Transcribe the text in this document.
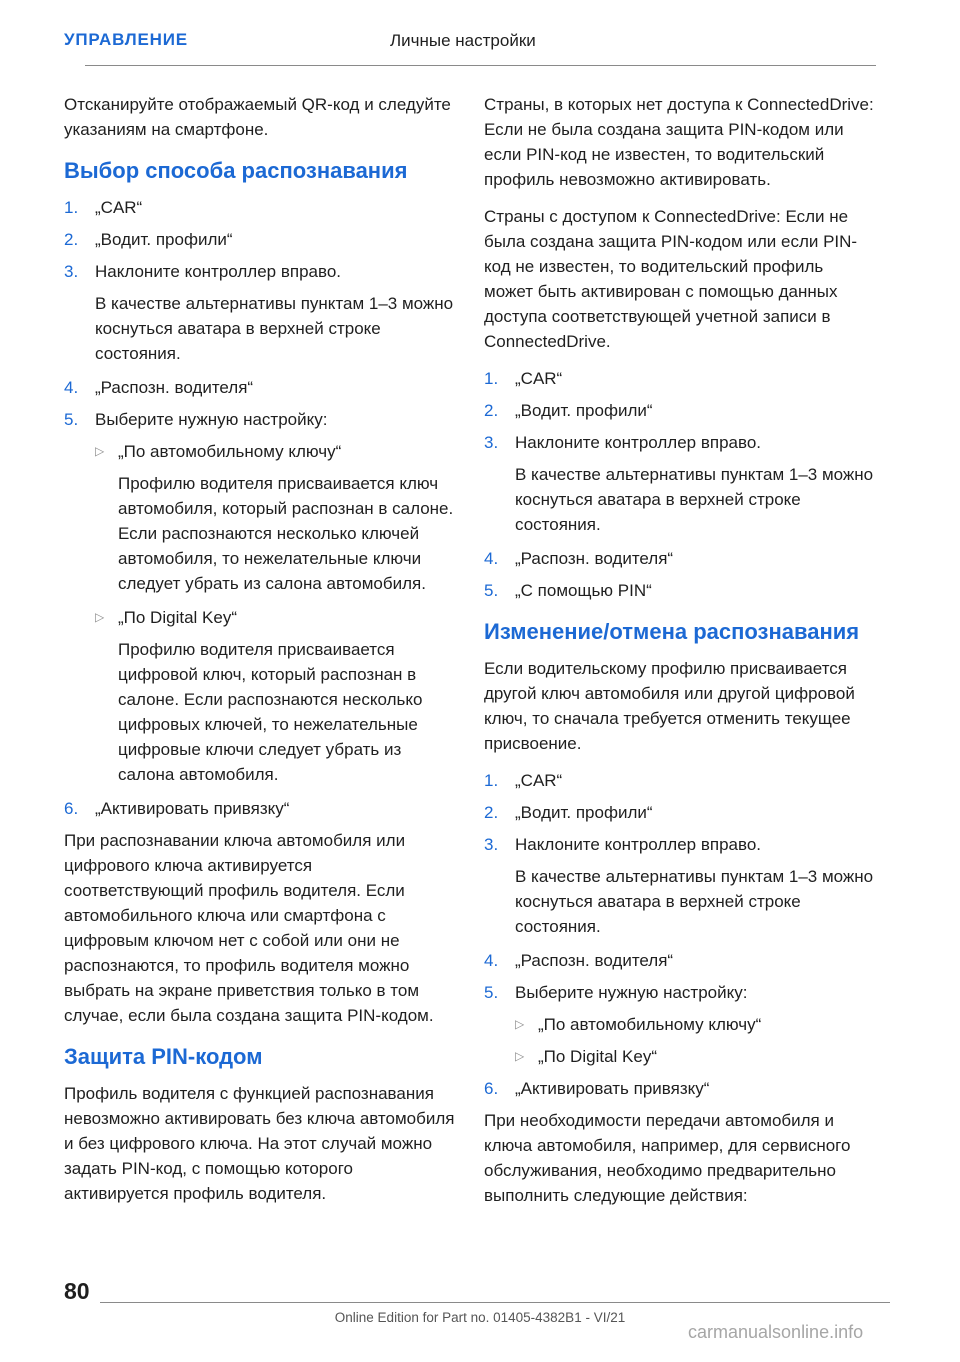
УПРАВЛЕНИЕ	Личные настройки
Отсканируйте отображаемый QR-код и следуйте указаниям на смартфоне.
Выбор способа распознавания
1. „CAR“
2. „Водит. профили“
3. Наклоните контроллер вправо.
В качестве альтернативы пунктам 1–3 можно коснуться аватара в верхней строке состояния.
4. „Распозн. водителя“
5. Выберите нужную настройку:
▷ „По автомобильному ключу“
Профилю водителя присваивается ключ автомобиля, который распознан в салоне. Если распознаются несколько ключей автомобиля, то нежелательные ключи следует убрать из салона автомобиля.
▷ „По Digital Key“
Профилю водителя присваивается цифровой ключ, который распознан в салоне. Если распознаются несколько цифровых ключей, то нежелательные цифровые ключи следует убрать из салона автомобиля.
6. „Активировать привязку“
При распознавании ключа автомобиля или цифрового ключа активируется соответствующий профиль водителя. Если автомобильного ключа или смартфона с цифровым ключом нет с собой или они не распознаются, то профиль водителя можно выбрать на экране приветствия только в том случае, если была создана защита PIN-кодом.
Защита PIN-кодом
Профиль водителя с функцией распознавания невозможно активировать без ключа автомобиля и без цифрового ключа. На этот случай можно задать PIN-код, с помощью которого активируется профиль водителя.
Страны, в которых нет доступа к ConnectedDrive: Если не была создана защита PIN-кодом или если PIN-код не известен, то водительский профиль невозможно активировать.
Страны с доступом к ConnectedDrive: Если не была создана защита PIN-кодом или если PIN-код не известен, то водительский профиль может быть активирован с помощью данных доступа соответствующей учетной записи в ConnectedDrive.
1. „CAR“
2. „Водит. профили“
3. Наклоните контроллер вправо.
В качестве альтернативы пунктам 1–3 можно коснуться аватара в верхней строке состояния.
4. „Распозн. водителя“
5. „С помощью PIN“
Изменение/отмена распознавания
Если водительскому профилю присваивается другой ключ автомобиля или другой цифровой ключ, то сначала требуется отменить текущее присвоение.
1. „CAR“
2. „Водит. профили“
3. Наклоните контроллер вправо.
В качестве альтернативы пунктам 1–3 можно коснуться аватара в верхней строке состояния.
4. „Распозн. водителя“
5. Выберите нужную настройку:
▷ „По автомобильному ключу“
▷ „По Digital Key“
6. „Активировать привязку“
При необходимости передачи автомобиля и ключа автомобиля, например, для сервисного обслуживания, необходимо предварительно выполнить следующие действия:
80
Online Edition for Part no. 01405-4382B1 - VI/21
carmanualsonline.info
